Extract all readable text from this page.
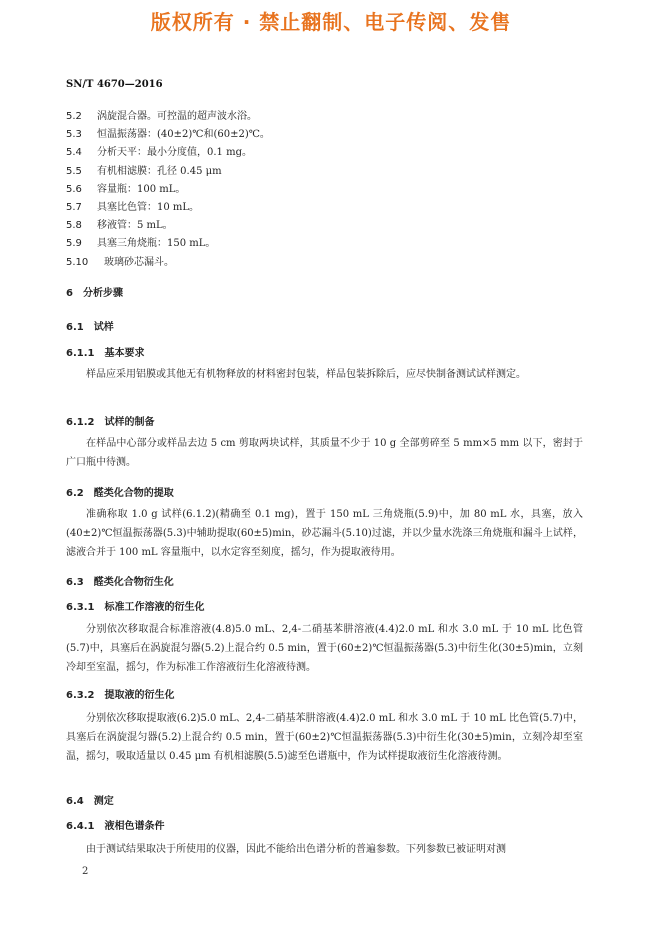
版权所有 · 禁止翻制、电子传阅、发售
SN/T 4670—2016
5.2 涡旋混合器。可控温的超声波水浴。
5.3 恒温振荡器：(40±2)℃和(60±2)℃。
5.4 分析天平：最小分度值，0.1 mg。
5.5 有机相滤膜：孔径 0.45 μm
5.6 容量瓶：100 mL。
5.7 具塞比色管：10 mL。
5.8 移液管：5 mL。
5.9 具塞三角烧瓶：150 mL。
5.10 玻璃砂芯漏斗。
6 分析步骤
6.1 试样
6.1.1 基本要求
样品应采用铝膜或其他无有机物释放的材料密封包装，样品包装拆除后，应尽快制备测试试样测定。
6.1.2 试样的制备
在样品中心部分或样品去边 5 cm 剪取两块试样，其质量不少于 10 g 全部剪碎至 5 mm×5 mm 以下，密封于广口瓶中待测。
6.2 醛类化合物的提取
准确称取 1.0 g 试样(6.1.2)(精确至 0.1 mg)，置于 150 mL 三角烧瓶(5.9)中，加 80 mL 水，具塞，放入(40±2)℃恒温振荡器(5.3)中辅助提取(60±5)min，砂芯漏斗(5.10)过滤，并以少量水洗涤三角烧瓶和漏斗上试样，滤液合并于 100 mL 容量瓶中，以水定容至刻度，摇匀，作为提取液待用。
6.3 醛类化合物衍生化
6.3.1 标准工作溶液的衍生化
分别依次移取混合标准溶液(4.8)5.0 mL、2,4-二硝基苯肼溶液(4.4)2.0 mL 和水 3.0 mL 于 10 mL 比色管(5.7)中，具塞后在涡旋混匀器(5.2)上混合约 0.5 min，置于(60±2)℃恒温振荡器(5.3)中衍生化(30±5)min，立刻冷却至室温，摇匀，作为标准工作溶液衍生化溶液待测。
6.3.2 提取液的衍生化
分别依次移取提取液(6.2)5.0 mL、2,4-二硝基苯肼溶液(4.4)2.0 mL 和水 3.0 mL 于 10 mL 比色管(5.7)中，具塞后在涡旋混匀器(5.2)上混合约 0.5 min，置于(60±2)℃恒温振荡器(5.3)中衍生化(30±5)min，立刻冷却至室温，摇匀，吸取适量以 0.45 μm 有机相滤膜(5.5)滤至色谱瓶中，作为试样提取液衍生化溶液待测。
6.4 测定
6.4.1 液相色谱条件
由于测试结果取决于所使用的仪器，因此不能给出色谱分析的普遍参数。下列参数已被证明对测
2
